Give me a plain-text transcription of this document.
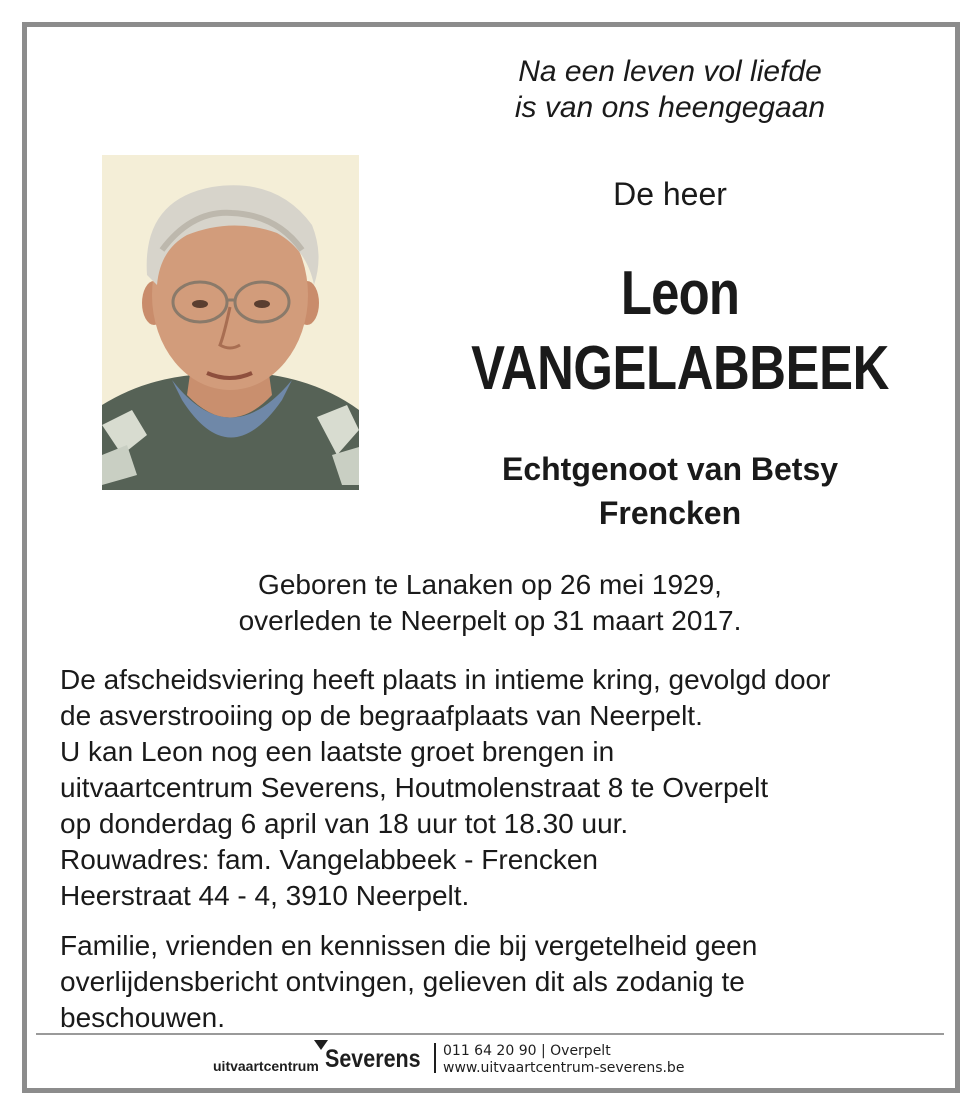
Na een leven vol liefde
is van ons heengegaan
De heer
Leon
VANGELABBEEK
Echtgenoot van Betsy
Frencken
Geboren te Lanaken op 26 mei 1929,
overleden te Neerpelt op 31 maart 2017.
De afscheidsviering heeft plaats in intieme kring, gevolgd door
de asverstrooiing op de begraafplaats van Neerpelt.
U kan Leon nog een laatste groet brengen in
uitvaartcentrum Severens, Houtmolenstraat 8 te Overpelt
op donderdag 6 april van 18 uur tot 18.30 uur.
Rouwadres: fam. Vangelabbeek - Frencken
Heerstraat 44 - 4, 3910 Neerpelt.
Familie, vrienden en kennissen die bij vergetelheid geen
overlijdensbericht ontvingen, gelieven dit als zodanig te
beschouwen.
uitvaartcentrum Severens 011 64 20 90 | Overpelt
www.uitvaartcentrum-severens.be
